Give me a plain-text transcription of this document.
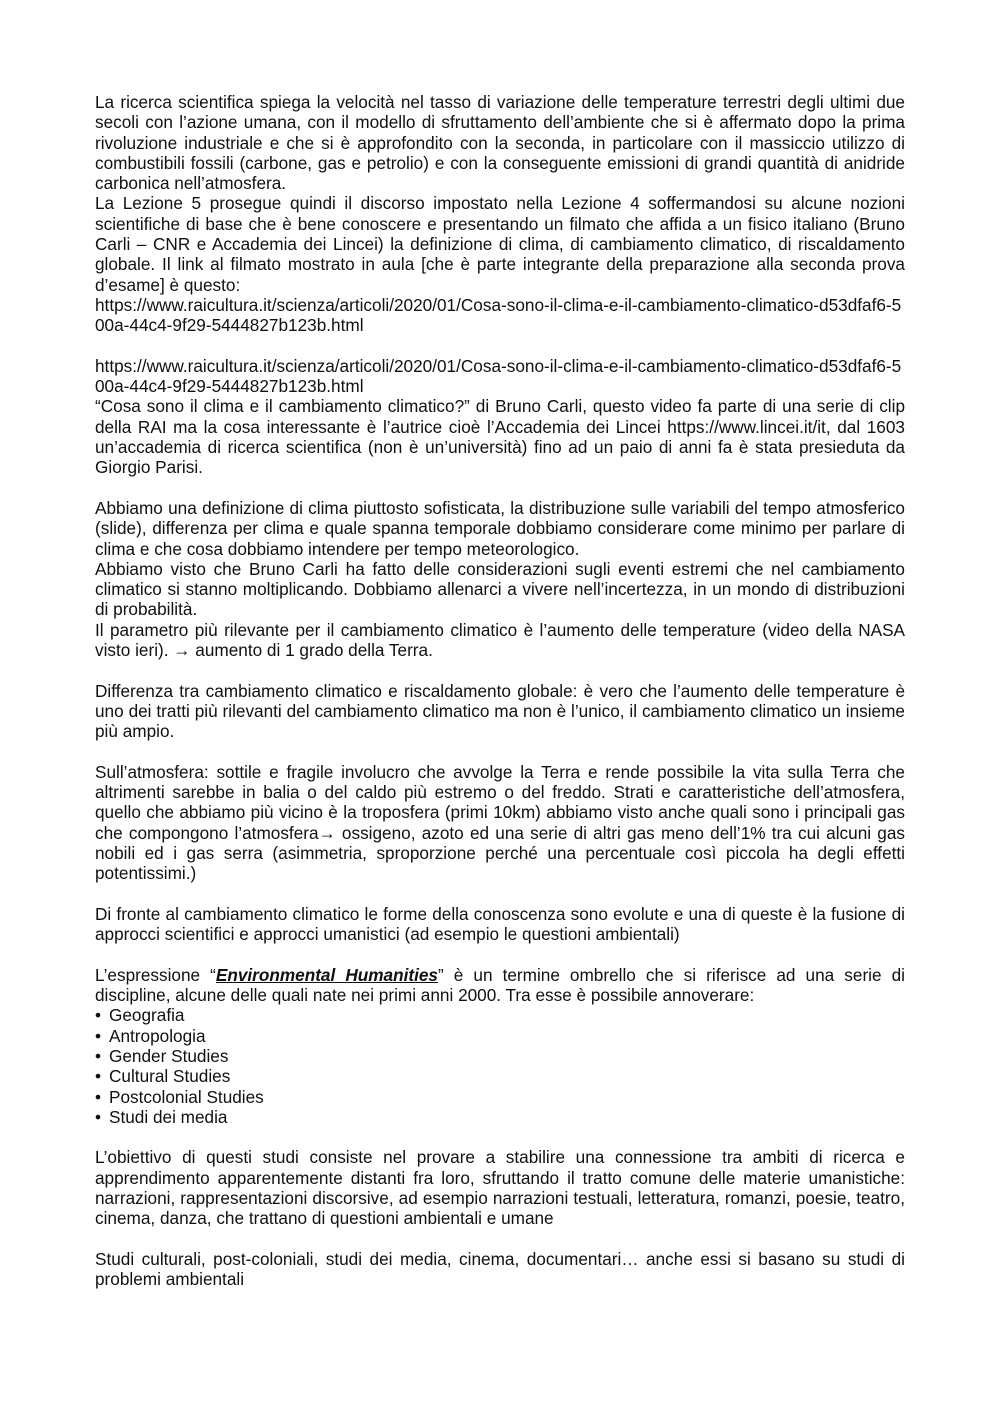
La ricerca scientifica spiega la velocità nel tasso di variazione delle temperature terrestri degli ultimi due secoli con l’azione umana, con il modello di sfruttamento dell’ambiente che si è affermato dopo la prima rivoluzione industriale e che si è approfondito con la seconda, in particolare con il massiccio utilizzo di combustibili fossili (carbone, gas e petrolio) e con la conseguente emissioni di grandi quantità di anidride carbonica nell’atmosfera.

La Lezione 5 prosegue quindi il discorso impostato nella Lezione 4 soffermandosi su alcune nozioni scientifiche di base che è bene conoscere e presentando un filmato che affida a un fisico italiano (Bruno Carli – CNR e Accademia dei Lincei) la definizione di clima, di cambiamento climatico, di riscaldamento globale. Il link al filmato mostrato in aula [che è parte integrante della preparazione alla seconda prova d’esame] è questo:

https://www.raicultura.it/scienza/articoli/2020/01/Cosa-sono-il-clima-e-il-cambiamento-climatico-d53dfaf6-500a-44c4-9f29-5444827b123b.html

https://www.raicultura.it/scienza/articoli/2020/01/Cosa-sono-il-clima-e-il-cambiamento-climatico-d53dfaf6-500a-44c4-9f29-5444827b123b.html

“Cosa sono il clima e il cambiamento climatico?” di Bruno Carli, questo video fa parte di una serie di clip della RAI ma la cosa interessante è l’autrice cioè l’Accademia dei Lincei https://www.lincei.it/it, dal 1603 un’accademia di ricerca scientifica (non è un’università) fino ad un paio di anni fa è stata presieduta da Giorgio Parisi.

Abbiamo una definizione di clima piuttosto sofisticata, la distribuzione sulle variabili del tempo atmosferico (slide), differenza per clima e quale spanna temporale dobbiamo considerare come minimo per parlare di clima e che cosa dobbiamo intendere per tempo meteorologico.

Abbiamo visto che Bruno Carli ha fatto delle considerazioni sugli eventi estremi che nel cambiamento climatico si stanno moltiplicando. Dobbiamo allenarci a vivere nell’incertezza, in un mondo di distribuzioni di probabilità.

Il parametro più rilevante per il cambiamento climatico è l’aumento delle temperature (video della NASA visto ieri). → aumento di 1 grado della Terra.

Differenza tra cambiamento climatico e riscaldamento globale: è vero che l’aumento delle temperature è uno dei tratti più rilevanti del cambiamento climatico ma non è l’unico, il cambiamento climatico un insieme più ampio.

Sull’atmosfera: sottile e fragile involucro che avvolge la Terra e rende possibile la vita sulla Terra che altrimenti sarebbe in balia o del caldo più estremo o del freddo. Strati e caratteristiche dell’atmosfera, quello che abbiamo più vicino è la troposfera (primi 10km) abbiamo visto anche quali sono i principali gas che compongono l’atmosfera→ ossigeno, azoto ed una serie di altri gas meno dell’1% tra cui alcuni gas nobili ed i gas serra (asimmetria, sproporzione perché una percentuale così piccola ha degli effetti potentissimi.)

Di fronte al cambiamento climatico le forme della conoscenza sono evolute e una di queste è la fusione di approcci scientifici e approcci umanistici (ad esempio le questioni ambientali)

L’espressione “Environmental Humanities” è un termine ombrello che si riferisce ad una serie di discipline, alcune delle quali nate nei primi anni 2000. Tra esse è possibile annoverare:

• Geografia
• Antropologia
• Gender Studies
• Cultural Studies
• Postcolonial Studies
• Studi dei media

L’obiettivo di questi studi consiste nel provare a stabilire una connessione tra ambiti di ricerca e apprendimento apparentemente distanti fra loro, sfruttando il tratto comune delle materie umanistiche: narrazioni, rappresentazioni discorsive, ad esempio narrazioni testuali, letteratura, romanzi, poesie, teatro, cinema, danza, che trattano di questioni ambientali e umane

Studi culturali, post-coloniali, studi dei media, cinema, documentari… anche essi si basano su studi di problemi ambientali
